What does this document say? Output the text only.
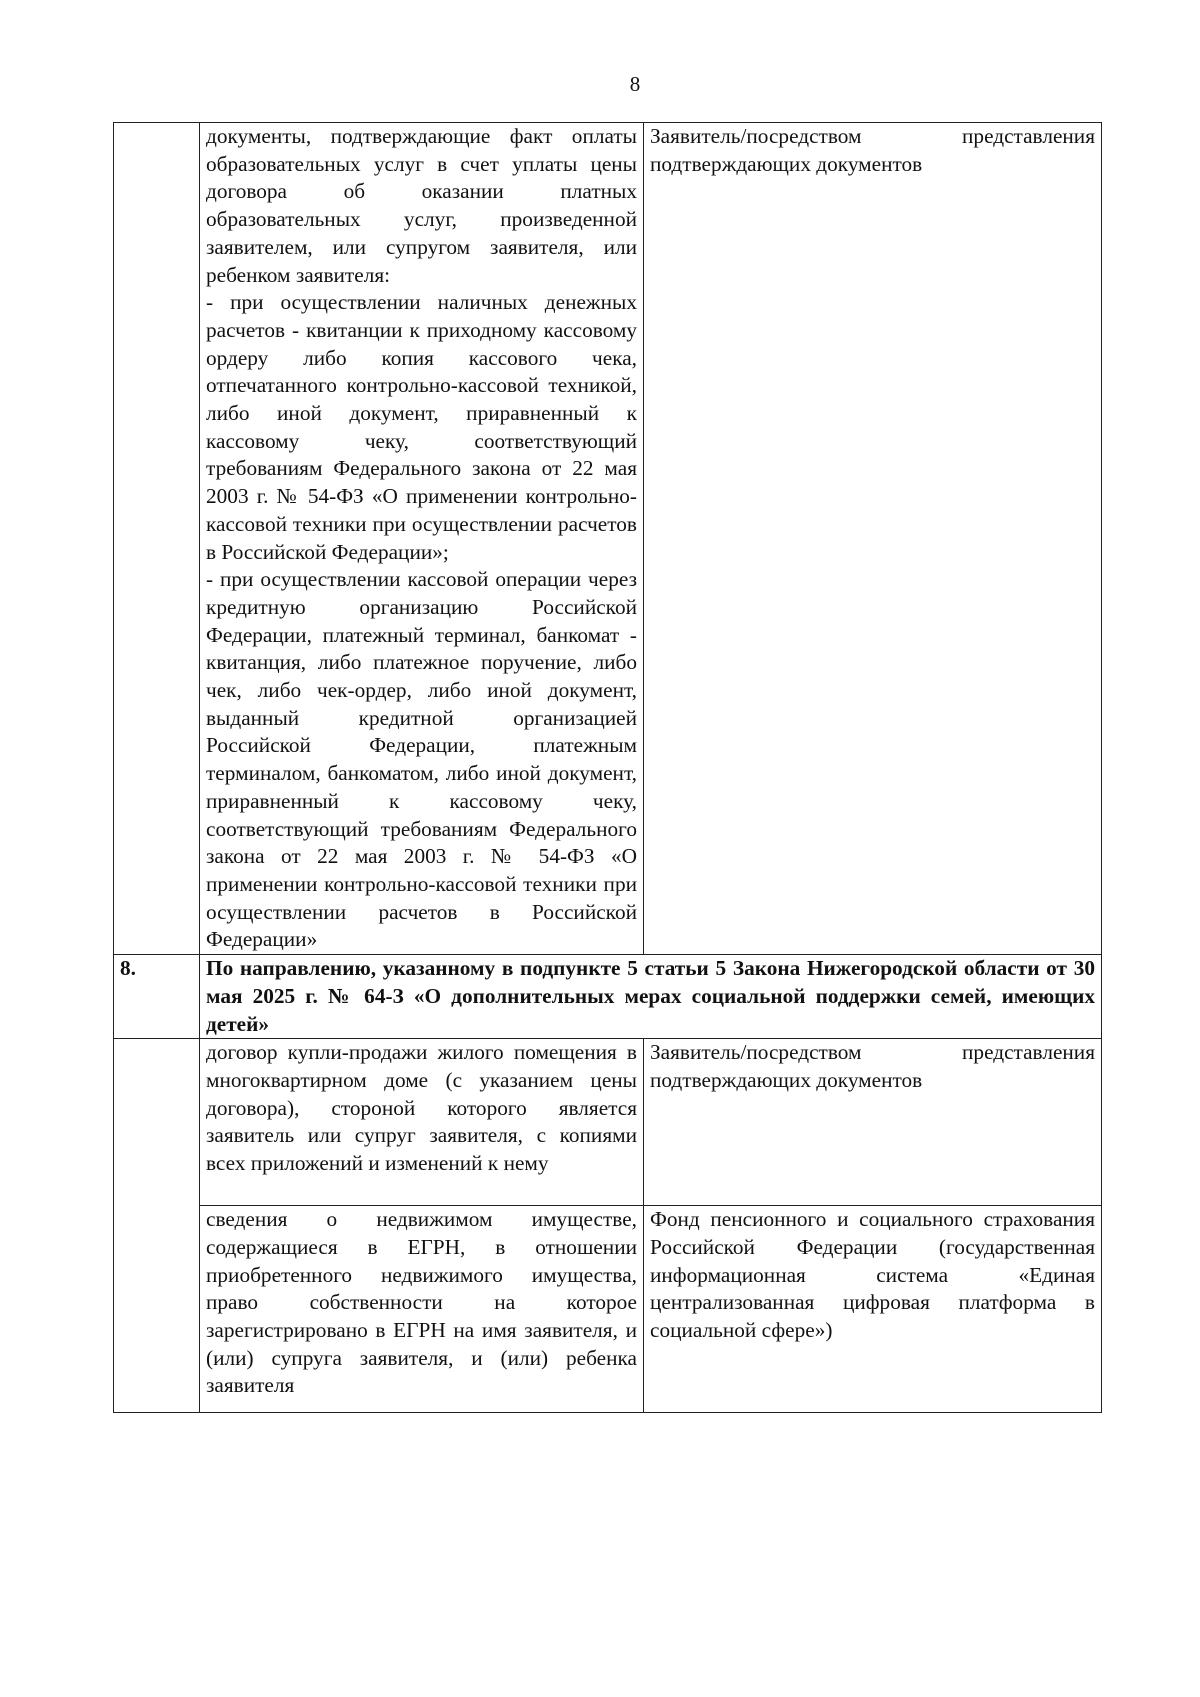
8

	документы, подтверждающие факт оплаты образовательных услуг в счет уплаты цены договора об оказании платных образовательных услуг, произведенной заявителем, или супругом заявителя, или ребенком заявителя:
- при осуществлении наличных денежных расчетов - квитанции к приходному кассовому ордеру либо копия кассового чека, отпечатанного контрольно-кассовой техникой, либо иной документ, приравненный к кассовому чеку, соответствующий требованиям Федерального закона от 22 мая 2003 г. № 54-ФЗ «О применении контрольно-кассовой техники при осуществлении расчетов в Российской Федерации»;
- при осуществлении кассовой операции через кредитную организацию Российской Федерации, платежный терминал, банкомат - квитанция, либо платежное поручение, либо чек, либо чек-ордер, либо иной документ, выданный кредитной организацией Российской Федерации, платежным терминалом, банкоматом, либо иной документ, приравненный к кассовому чеку, соответствующий требованиям Федерального закона от 22 мая 2003 г. № 54-ФЗ «О применении контрольно-кассовой техники при осуществлении расчетов в Российской Федерации»	Заявитель/посредством представления подтверждающих документов
8.	По направлению, указанному в подпункте 5 статьи 5 Закона Нижегородской области от 30 мая 2025 г. № 64-З «О дополнительных мерах социальной поддержки семей, имеющих детей»	

	договор купли-продажи жилого помещения в многоквартирном доме (с указанием цены договора), стороной которого является заявитель или супруг заявителя, с копиями всех приложений и изменений к нему	Заявитель/посредством представления подтверждающих документов

	сведения о недвижимом имуществе, содержащиеся в ЕГРН, в отношении приобретенного недвижимого имущества, право собственности на которое зарегистрировано в ЕГРН на имя заявителя, и (или) супруга заявителя, и (или) ребенка заявителя	Фонд пенсионного и социального страхования Российской Федерации (государственная информационная система «Единая централизованная цифровая платформа в социальной сфере»)
